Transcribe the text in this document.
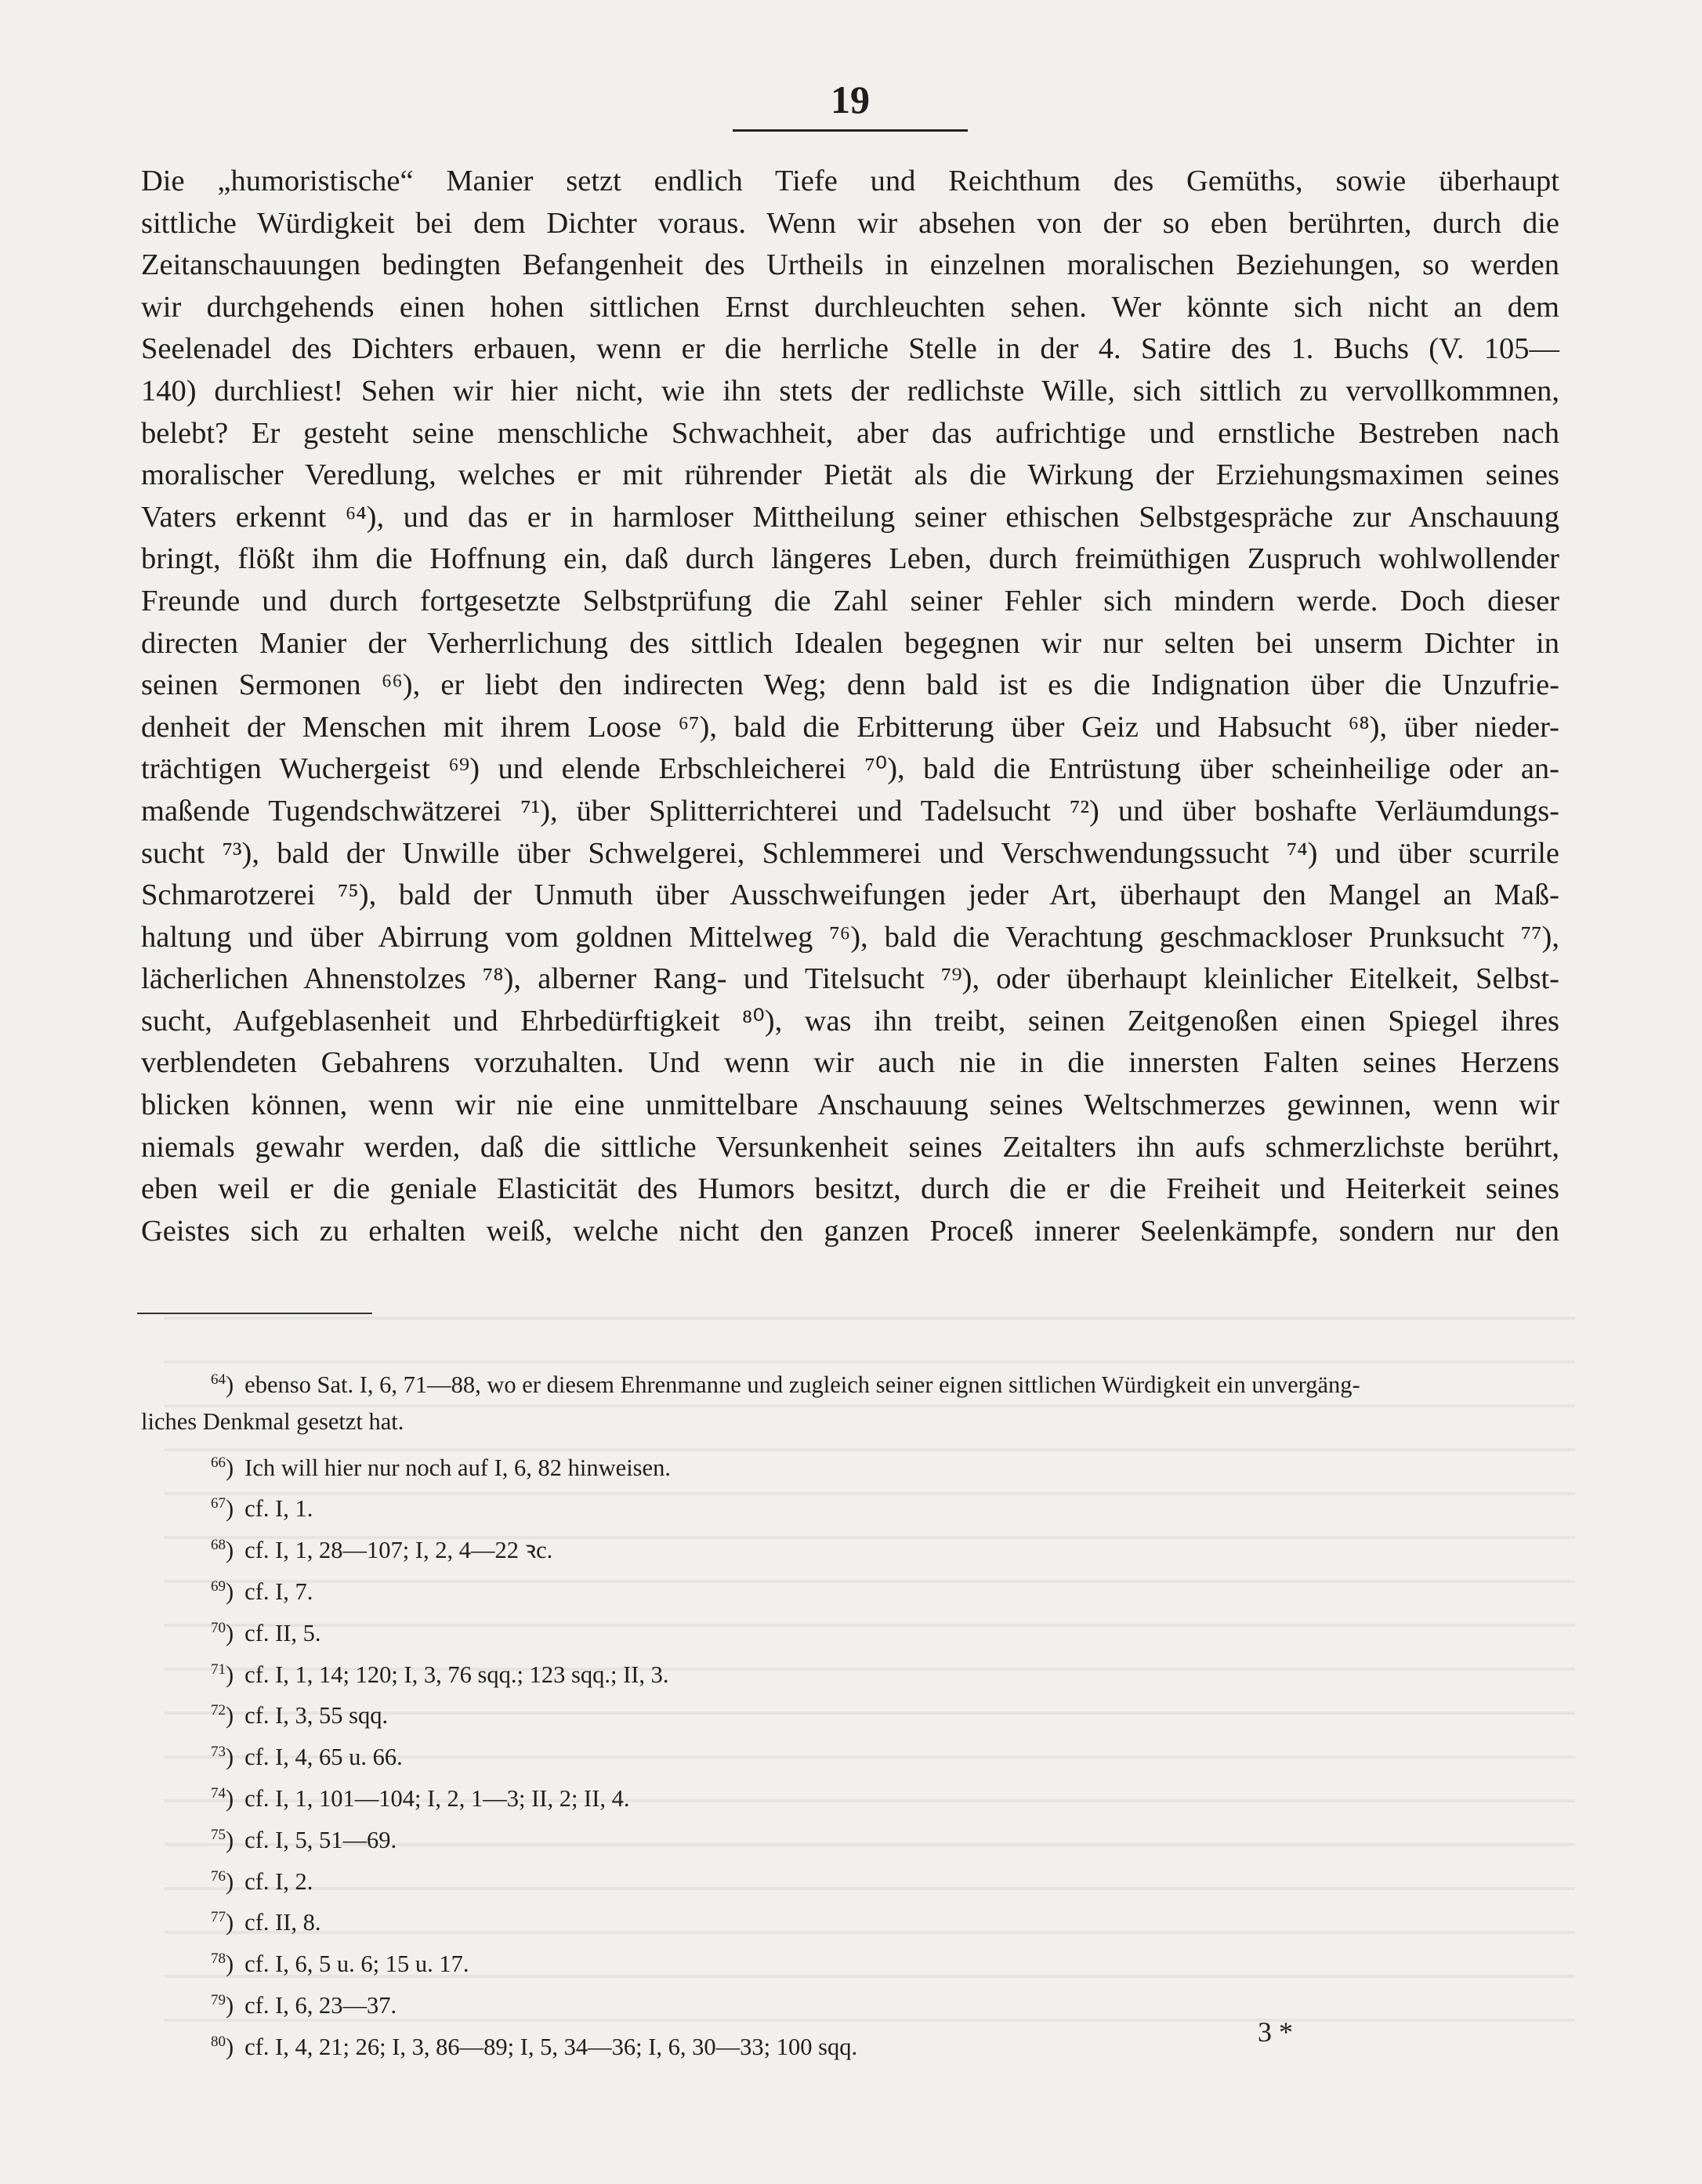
19
Die „humoristische“ Manier setzt endlich Tiefe und Reichthum des Gemüths, sowie überhaupt
sittliche Würdigkeit bei dem Dichter voraus. Wenn wir absehen von der so eben berührten, durch die
Zeitanschauungen bedingten Befangenheit des Urtheils in einzelnen moralischen Beziehungen, so werden
wir durchgehends einen hohen sittlichen Ernst durchleuchten sehen. Wer könnte sich nicht an dem
Seelenadel des Dichters erbauen, wenn er die herrliche Stelle in der 4. Satire des 1. Buchs (V. 105—
140) durchliest! Sehen wir hier nicht, wie ihn stets der redlichste Wille, sich sittlich zu vervollkommnen,
belebt? Er gesteht seine menschliche Schwachheit, aber das aufrichtige und ernstliche Bestreben nach
moralischer Veredlung, welches er mit rührender Pietät als die Wirkung der Erziehungsmaximen seines
Vaters erkennt ⁶⁴), und das er in harmloser Mittheilung seiner ethischen Selbstgespräche zur Anschauung
bringt, flößt ihm die Hoffnung ein, daß durch längeres Leben, durch freimüthigen Zuspruch wohlwollender
Freunde und durch fortgesetzte Selbstprüfung die Zahl seiner Fehler sich mindern werde. Doch dieser
directen Manier der Verherrlichung des sittlich Idealen begegnen wir nur selten bei unserm Dichter in
seinen Sermonen ⁶⁶), er liebt den indirecten Weg; denn bald ist es die Indignation über die Unzufrie-
denheit der Menschen mit ihrem Loose ⁶⁷), bald die Erbitterung über Geiz und Habsucht ⁶⁸), über nieder-
trächtigen Wuchergeist ⁶⁹) und elende Erbschleicherei ⁷⁰), bald die Entrüstung über scheinheilige oder an-
maßende Tugendschwätzerei ⁷¹), über Splitterrichterei und Tadelsucht ⁷²) und über boshafte Verläumdungs-
sucht ⁷³), bald der Unwille über Schwelgerei, Schlemmerei und Verschwendungssucht ⁷⁴) und über scurrile
Schmarotzerei ⁷⁵), bald der Unmuth über Ausschweifungen jeder Art, überhaupt den Mangel an Maß-
haltung und über Abirrung vom goldnen Mittelweg ⁷⁶), bald die Verachtung geschmackloser Prunksucht ⁷⁷),
lächerlichen Ahnenstolzes ⁷⁸), alberner Rang- und Titelsucht ⁷⁹), oder überhaupt kleinlicher Eitelkeit, Selbst-
sucht, Aufgeblasenheit und Ehrbedürftigkeit ⁸⁰), was ihn treibt, seinen Zeitgenoßen einen Spiegel ihres
verblendeten Gebahrens vorzuhalten. Und wenn wir auch nie in die innersten Falten seines Herzens
blicken können, wenn wir nie eine unmittelbare Anschauung seines Weltschmerzes gewinnen, wenn wir
niemals gewahr werden, daß die sittliche Versunkenheit seines Zeitalters ihn aufs schmerzlichste berührt,
eben weil er die geniale Elasticität des Humors besitzt, durch die er die Freiheit und Heiterkeit seines
Geistes sich zu erhalten weiß, welche nicht den ganzen Proceß innerer Seelenkämpfe, sondern nur den
64) ebenso Sat. I, 6, 71—88, wo er diesem Ehrenmanne und zugleich seiner eignen sittlichen Würdigkeit ein unvergäng-
liches Denkmal gesetzt hat.
66) Ich will hier nur noch auf I, 6, 82 hinweisen.
67) cf. I, 1.
68) cf. I, 1, 28—107; I, 2, 4—22 ꝛc.
69) cf. I, 7.
70) cf. II, 5.
71) cf. I, 1, 14; 120; I, 3, 76 sqq.; 123 sqq.; II, 3.
72) cf. I, 3, 55 sqq.
73) cf. I, 4, 65 u. 66.
74) cf. I, 1, 101—104; I, 2, 1—3; II, 2; II, 4.
75) cf. I, 5, 51—69.
76) cf. I, 2.
77) cf. II, 8.
78) cf. I, 6, 5 u. 6; 15 u. 17.
79) cf. I, 6, 23—37.
80) cf. I, 4, 21; 26; I, 3, 86—89; I, 5, 34—36; I, 6, 30—33; 100 sqq.	3 *
